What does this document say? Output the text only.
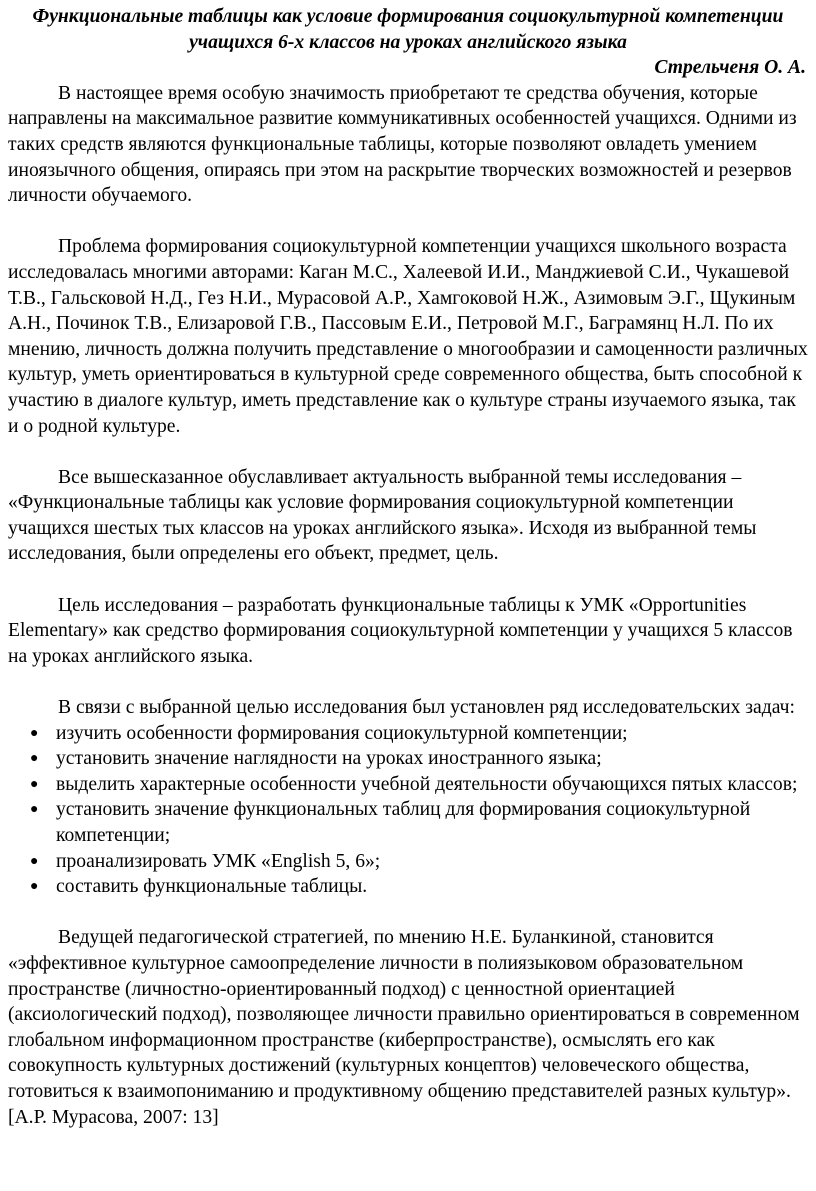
Функциональные таблицы как условие формирования социокультурной компетенции учащихся 6-х классов на уроках английского языка

Стрельченя О. А.

В настоящее время особую значимость приобретают те средства обучения, которые направлены на максимальное развитие коммуникативных особенностей учащихся. Одними из таких средств являются функциональные таблицы, которые позволяют овладеть умением иноязычного общения, опираясь при этом на раскрытие творческих возможностей и резервов личности обучаемого.

Проблема формирования социокультурной компетенции учащихся школьного возраста исследовалась многими авторами: Каган М.С., Халеевой И.И., Манджиевой С.И., Чукашевой Т.В., Гальсковой Н.Д., Гез Н.И., Мурасовой А.Р., Хамгоковой Н.Ж., Азимовым Э.Г., Щукиным А.Н., Починок Т.В., Елизаровой Г.В., Пассовым Е.И., Петровой М.Г., Баграмянц Н.Л. По их мнению, личность должна получить представление о многообразии и самоценности различных культур, уметь ориентироваться в культурной среде современного общества, быть способной к участию в диалоге культур, иметь представление как о культуре страны изучаемого языка, так и о родной культуре.

Все вышесказанное обуславливает актуальность выбранной темы исследования – «Функциональные таблицы как условие формирования социокультурной компетенции учащихся шестых тых классов на уроках английского языка». Исходя из выбранной темы исследования, были определены его объект, предмет, цель.

Цель исследования – разработать функциональные таблицы к УМК «Opportunities Elementary» как средство формирования социокультурной компетенции у учащихся 5 классов на уроках английского языка.

В связи с выбранной целью исследования был установлен ряд исследовательских задач:

● изучить особенности формирования социокультурной компетенции;
● установить значение наглядности на уроках иностранного языка;
● выделить характерные особенности учебной деятельности обучающихся пятых классов;
● установить значение функциональных таблиц для формирования социокультурной компетенции;
● проанализировать УМК «English 5, 6»;
● составить функциональные таблицы.

Ведущей педагогической стратегией, по мнению Н.Е. Буланкиной, становится «эффективное культурное самоопределение личности в полиязыковом образовательном пространстве (личностно-ориентированный подход) с ценностной ориентацией (аксиологический подход), позволяющее личности правильно ориентироваться в современном глобальном информационном пространстве (киберпространстве), осмыслять его как совокупность культурных достижений (культурных концептов) человеческого общества, готовиться к взаимопониманию и продуктивному общению представителей разных культур». [А.Р. Мурасова, 2007: 13]
